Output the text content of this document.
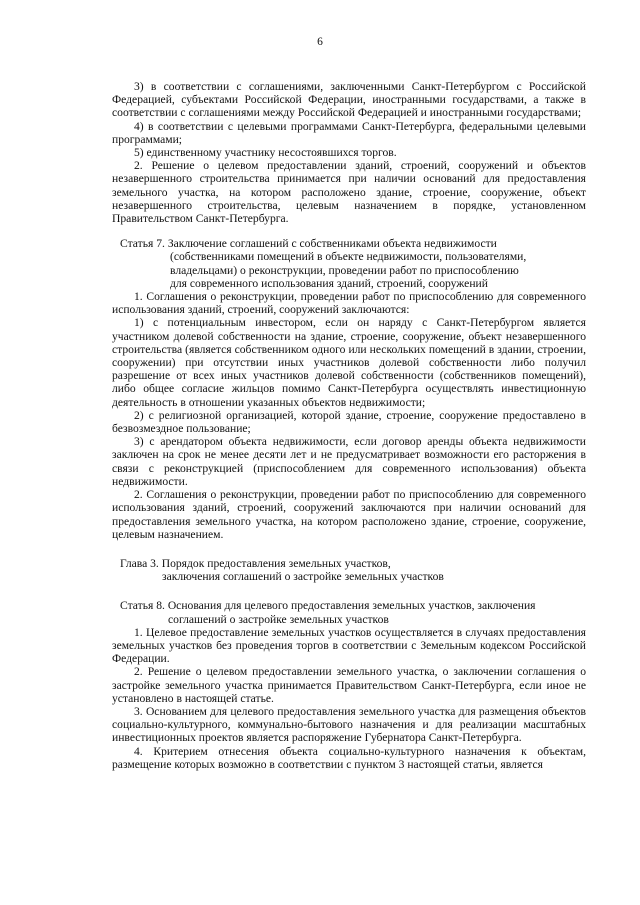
6

3) в соответствии с соглашениями, заключенными Санкт-Петербургом с Российской Федерацией, субъектами Российской Федерации, иностранными государствами, а также в соответствии с соглашениями между Российской Федерацией и иностранными государствами;

4) в соответствии с целевыми программами Санкт-Петербурга, федеральными целевыми программами;

5) единственному участнику несостоявшихся торгов.

2. Решение о целевом предоставлении зданий, строений, сооружений и объектов незавершенного строительства принимается при наличии оснований для предоставления земельного участка, на котором расположено здание, строение, сооружение, объект незавершенного строительства, целевым назначением в порядке, установленном Правительством Санкт-Петербурга.

Статья 7. Заключение соглашений с собственниками объекта недвижимости
(собственниками помещений в объекте недвижимости, пользователями,
владельцами) о реконструкции, проведении работ по приспособлению
для современного использования зданий, строений, сооружений

1. Соглашения о реконструкции, проведении работ по приспособлению для современного использования зданий, строений, сооружений заключаются:

1) с потенциальным инвестором, если он наряду с Санкт-Петербургом является участником долевой собственности на здание, строение, сооружение, объект незавершенного строительства (является собственником одного или нескольких помещений в здании, строении, сооружении) при отсутствии иных участников долевой собственности либо получил разрешение от всех иных участников долевой собственности (собственников помещений), либо общее согласие жильцов помимо Санкт-Петербурга осуществлять инвестиционную деятельность в отношении указанных объектов недвижимости;

2) с религиозной организацией, которой здание, строение, сооружение предоставлено в безвозмездное пользование;

3) с арендатором объекта недвижимости, если договор аренды объекта недвижимости заключен на срок не менее десяти лет и не предусматривает возможности его расторжения в связи с реконструкцией (приспособлением для современного использования) объекта недвижимости.

2. Соглашения о реконструкции, проведении работ по приспособлению для современного использования зданий, строений, сооружений заключаются при наличии оснований для предоставления земельного участка, на котором расположено здание, строение, сооружение, целевым назначением.

Глава 3. Порядок предоставления земельных участков,
заключения соглашений о застройке земельных участков
Статья 8. Основания для целевого предоставления земельных участков, заключения
соглашений о застройке земельных участков

1. Целевое предоставление земельных участков осуществляется в случаях предоставления земельных участков без проведения торгов в соответствии с Земельным кодексом Российской Федерации.

2. Решение о целевом предоставлении земельного участка, о заключении соглашения о застройке земельного участка принимается Правительством Санкт-Петербурга, если иное не установлено в настоящей статье.

3. Основанием для целевого предоставления земельного участка для размещения объектов социально-культурного, коммунально-бытового назначения и для реализации масштабных инвестиционных проектов является распоряжение Губернатора Санкт-Петербурга.

4. Критерием отнесения объекта социально-культурного назначения к объектам, размещение которых возможно в соответствии с пунктом 3 настоящей статьи, является
